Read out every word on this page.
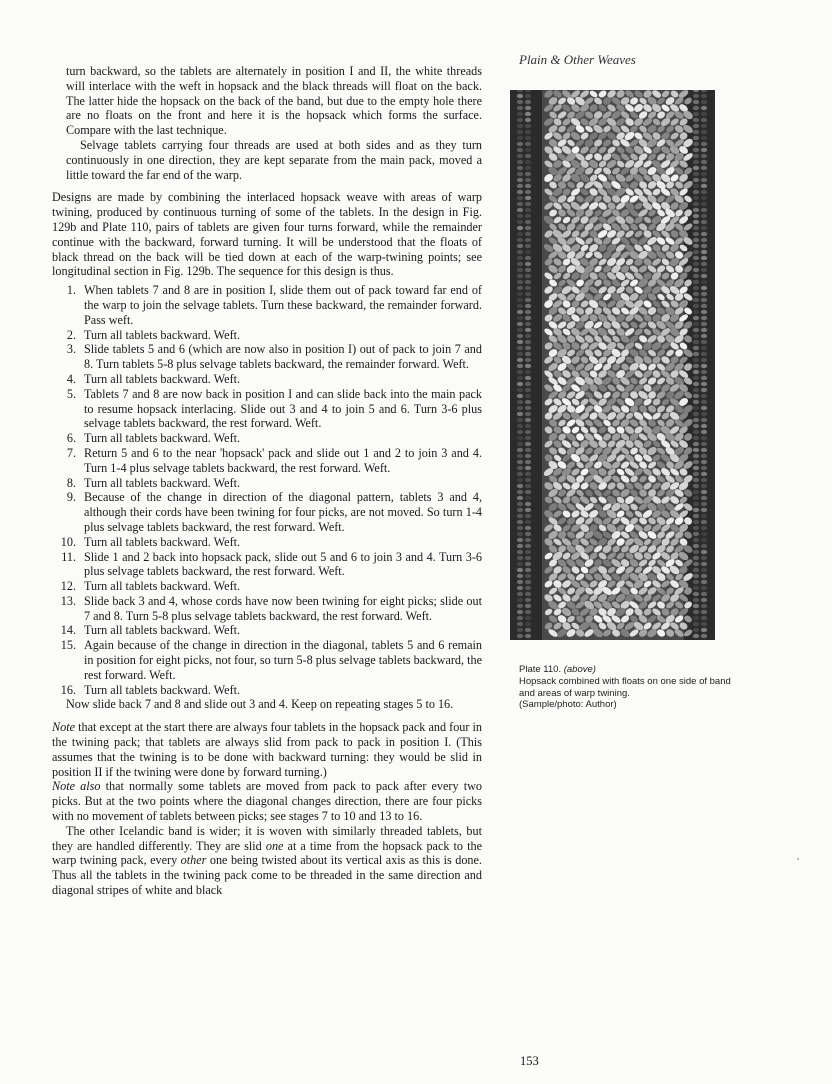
Plain & Other Weaves

turn backward, so the tablets are alternately in position I and II, the white threads will interlace with the weft in hopsack and the black threads will float on the back. The latter hide the hopsack on the back of the band, but due to the empty hole there are no floats on the front and here it is the hopsack which forms the surface. Compare with the last technique.

Selvage tablets carrying four threads are used at both sides and as they turn continuously in one direction, they are kept separate from the main pack, moved a little toward the far end of the warp.

Designs are made by combining the interlaced hopsack weave with areas of warp twining, produced by continuous turning of some of the tablets. In the design in Fig. 129b and Plate 110, pairs of tablets are given four turns forward, while the remainder continue with the backward, forward turning. It will be understood that the floats of black thread on the back will be tied down at each of the warp-twining points; see longitudinal section in Fig. 129b. The sequence for this design is thus.

1. When tablets 7 and 8 are in position I, slide them out of pack toward far end of the warp to join the selvage tablets. Turn these backward, the remainder forward. Pass weft.
2. Turn all tablets backward. Weft.
3. Slide tablets 5 and 6 (which are now also in position I) out of pack to join 7 and 8. Turn tablets 5-8 plus selvage tablets backward, the remainder forward. Weft.
4. Turn all tablets backward. Weft.
5. Tablets 7 and 8 are now back in position I and can slide back into the main pack to resume hopsack interlacing. Slide out 3 and 4 to join 5 and 6. Turn 3-6 plus selvage tablets backward, the rest forward. Weft.
6. Turn all tablets backward. Weft.
7. Return 5 and 6 to the near 'hopsack' pack and slide out 1 and 2 to join 3 and 4. Turn 1-4 plus selvage tablets backward, the rest forward. Weft.
8. Turn all tablets backward. Weft.
9. Because of the change in direction of the diagonal pattern, tablets 3 and 4, although their cords have been twining for four picks, are not moved. So turn 1-4 plus selvage tablets backward, the rest forward. Weft.
10. Turn all tablets backward. Weft.
11. Slide 1 and 2 back into hopsack pack, slide out 5 and 6 to join 3 and 4. Turn 3-6 plus selvage tablets backward, the rest forward. Weft.
12. Turn all tablets backward. Weft.
13. Slide back 3 and 4, whose cords have now been twining for eight picks; slide out 7 and 8. Turn 5-8 plus selvage tablets backward, the rest forward. Weft.
14. Turn all tablets backward. Weft.
15. Again because of the change in direction in the diagonal, tablets 5 and 6 remain in position for eight picks, not four, so turn 5-8 plus selvage tablets backward, the rest forward. Weft.
16. Turn all tablets backward. Weft.

Now slide back 7 and 8 and slide out 3 and 4. Keep on repeating stages 5 to 16.

Note that except at the start there are always four tablets in the hopsack pack and four in the twining pack; that tablets are always slid from pack to pack in position I. (This assumes that the twining is to be done with backward turning: they would be slid in position II if the twining were done by forward turning.)

Note also that normally some tablets are moved from pack to pack after every two picks. But at the two points where the diagonal changes direction, there are four picks with no movement of tablets between picks; see stages 7 to 10 and 13 to 16.

The other Icelandic band is wider; it is woven with similarly threaded tablets, but they are handled differently. They are slid one at a time from the hopsack pack to the warp twining pack, every other one being twisted about its vertical axis as this is done. Thus all the tablets in the twining pack come to be threaded in the same direction and diagonal stripes of white and black

Plate 110. (above)
Hopsack combined with floats on one side of band and areas of warp twining.
(Sample/photo: Author)
153
